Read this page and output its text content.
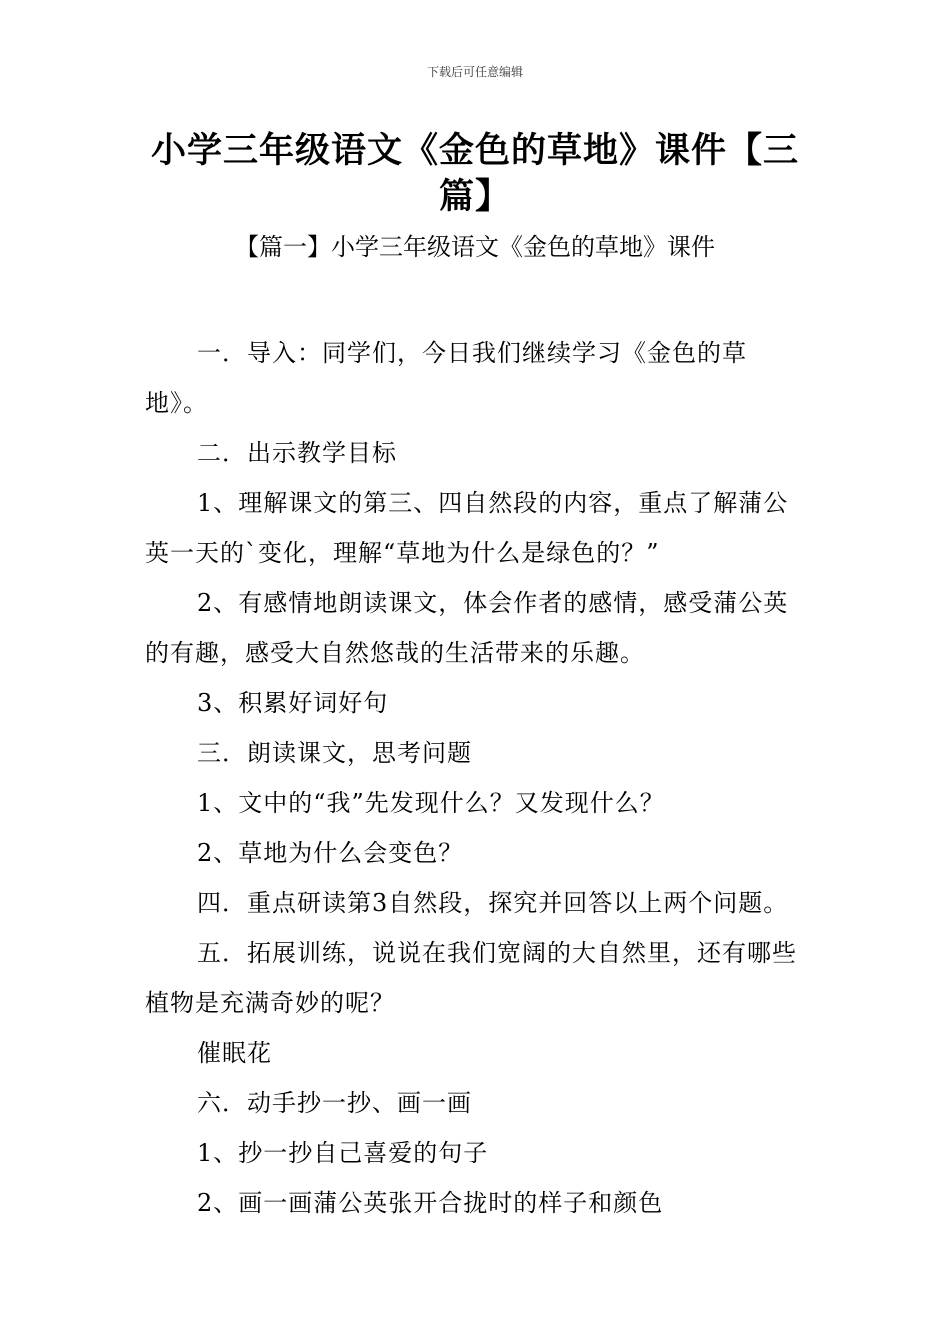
下载后可任意编辑
小学三年级语文《金色的草地》课件【三篇】
【篇一】小学三年级语文《金色的草地》课件

一．导入：同学们，今日我们继续学习《金色的草地》。

二．出示教学目标

1、理解课文的第三、四自然段的内容，重点了解蒲公英一天的`变化，理解“草地为什么是绿色的？”

2、有感情地朗读课文，体会作者的感情，感受蒲公英的有趣，感受大自然悠哉的生活带来的乐趣。

3、积累好词好句

三．朗读课文，思考问题

1、文中的“我”先发现什么？又发现什么？

2、草地为什么会变色？

四．重点研读第3自然段，探究并回答以上两个问题。

五．拓展训练，说说在我们宽阔的大自然里，还有哪些植物是充满奇妙的呢？

催眠花

六．动手抄一抄、画一画

1、抄一抄自己喜爱的句子

2、画一画蒲公英张开合拢时的样子和颜色
